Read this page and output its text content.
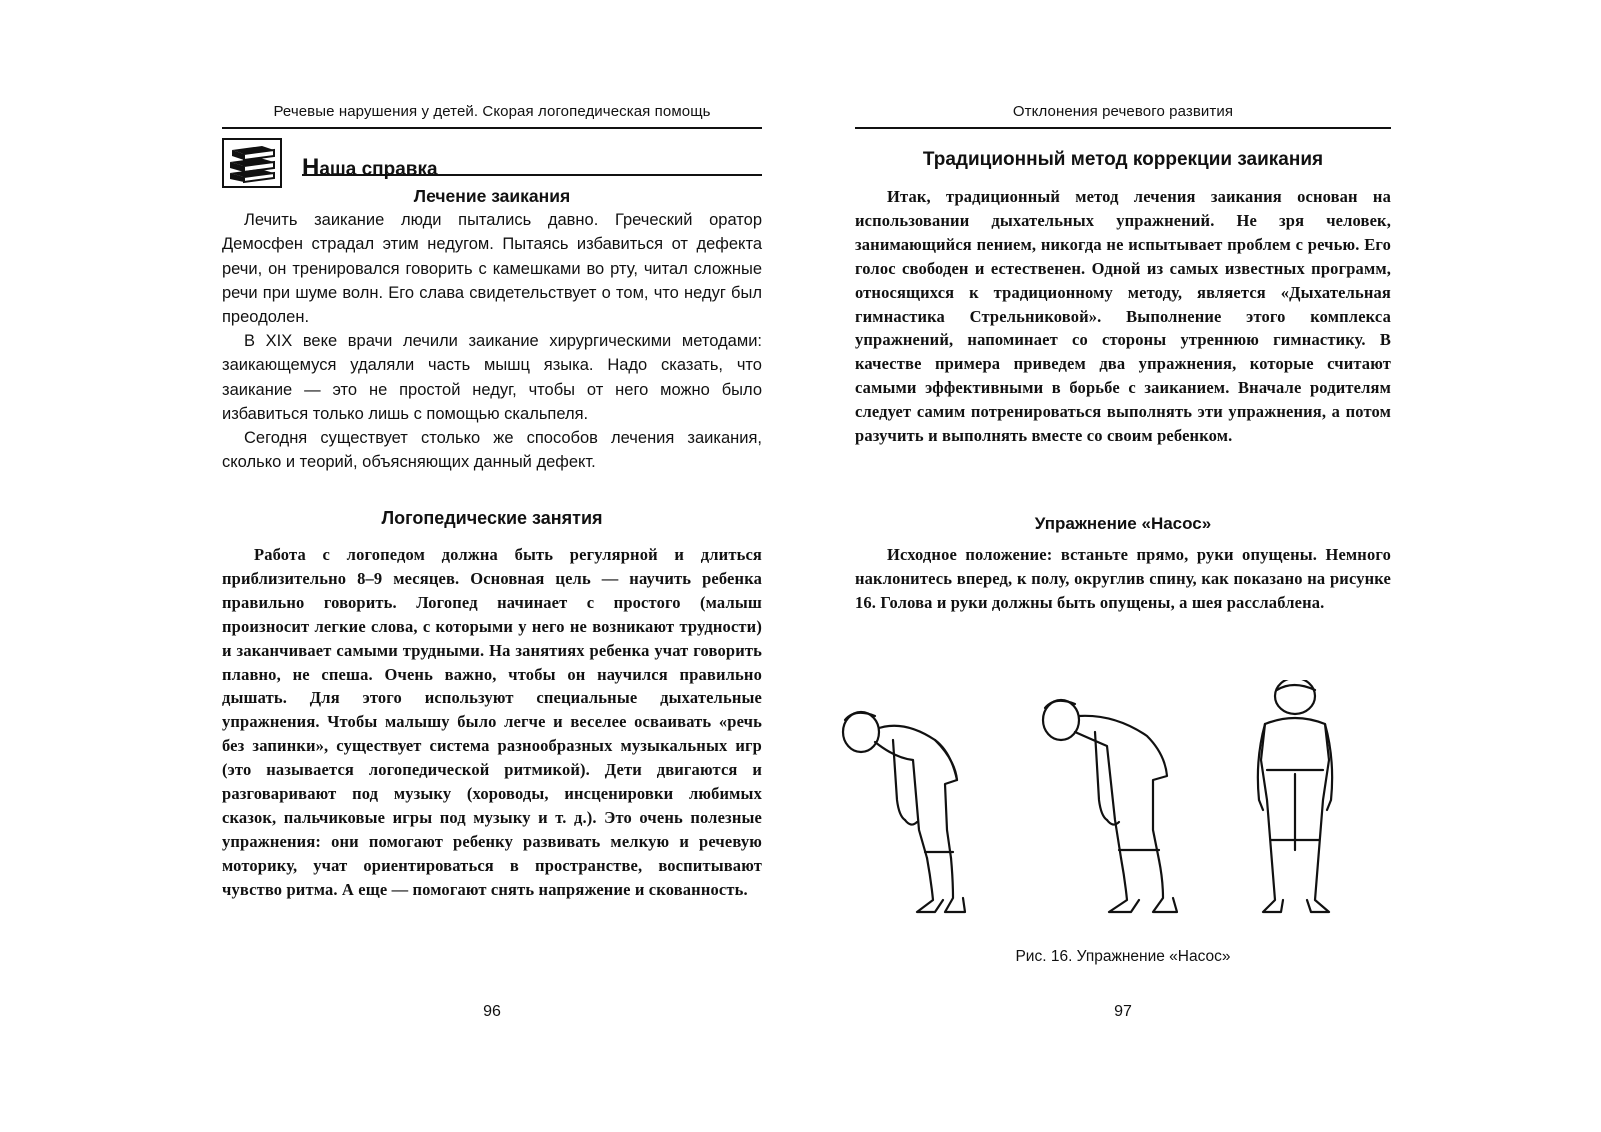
Речевые нарушения у детей. Скорая логопедическая помощь
Наша справка
Лечение заикания

Лечить заикание люди пытались давно. Греческий оратор Демосфен страдал этим недугом. Пытаясь избавиться от дефекта речи, он тренировался говорить с камешками во рту, читал сложные речи при шуме волн. Его слава свидетельствует о том, что недуг был преодолен.

В XIX веке врачи лечили заикание хирургическими методами: заикающемуся удаляли часть мышц языка. Надо сказать, что заикание — это не простой недуг, чтобы от него можно было избавиться только лишь с помощью скальпеля.

Сегодня существует столько же способов лечения заикания, сколько и теорий, объясняющих данный дефект.

Логопедические занятия

Работа с логопедом должна быть регулярной и длиться приблизительно 8–9 месяцев. Основная цель — научить ребенка правильно говорить. Логопед начинает с простого (малыш произносит легкие слова, с которыми у него не возникают трудности) и заканчивает самыми трудными. На занятиях ребенка учат говорить плавно, не спеша. Очень важно, чтобы он научился правильно дышать. Для этого используют специальные дыхательные упражнения. Чтобы малышу было легче и веселее осваивать «речь без запинки», существует система разнообразных музыкальных игр (это называется логопедической ритмикой). Дети двигаются и разговаривают под музыку (хороводы, инсценировки любимых сказок, пальчиковые игры под музыку и т. д.). Это очень полезные упражнения: они помогают ребенку развивать мелкую и речевую моторику, учат ориентироваться в пространстве, воспитывают чувство ритма. А еще — помогают снять напряжение и скованность.

96
Отклонения речевого развития
Традиционный метод коррекции заикания

Итак, традиционный метод лечения заикания основан на использовании дыхательных упражнений. Не зря человек, занимающийся пением, никогда не испытывает проблем с речью. Его голос свободен и естественен. Одной из самых известных программ, относящихся к традиционному методу, является «Дыхательная гимнастика Стрельниковой». Выполнение этого комплекса упражнений, напоминает со стороны утреннюю гимнастику. В качестве примера приведем два упражнения, которые считают самыми эффективными в борьбе с заиканием. Вначале родителям следует самим потренироваться выполнять эти упражнения, а потом разучить и выполнять вместе со своим ребенком.

Упражнение «Насос»

Исходное положение: встаньте прямо, руки опущены. Немного наклонитесь вперед, к полу, округлив спину, как показано на рисунке 16. Голова и руки должны быть опущены, а шея расслаблена.

Рис. 16. Упражнение «Насос»
97
